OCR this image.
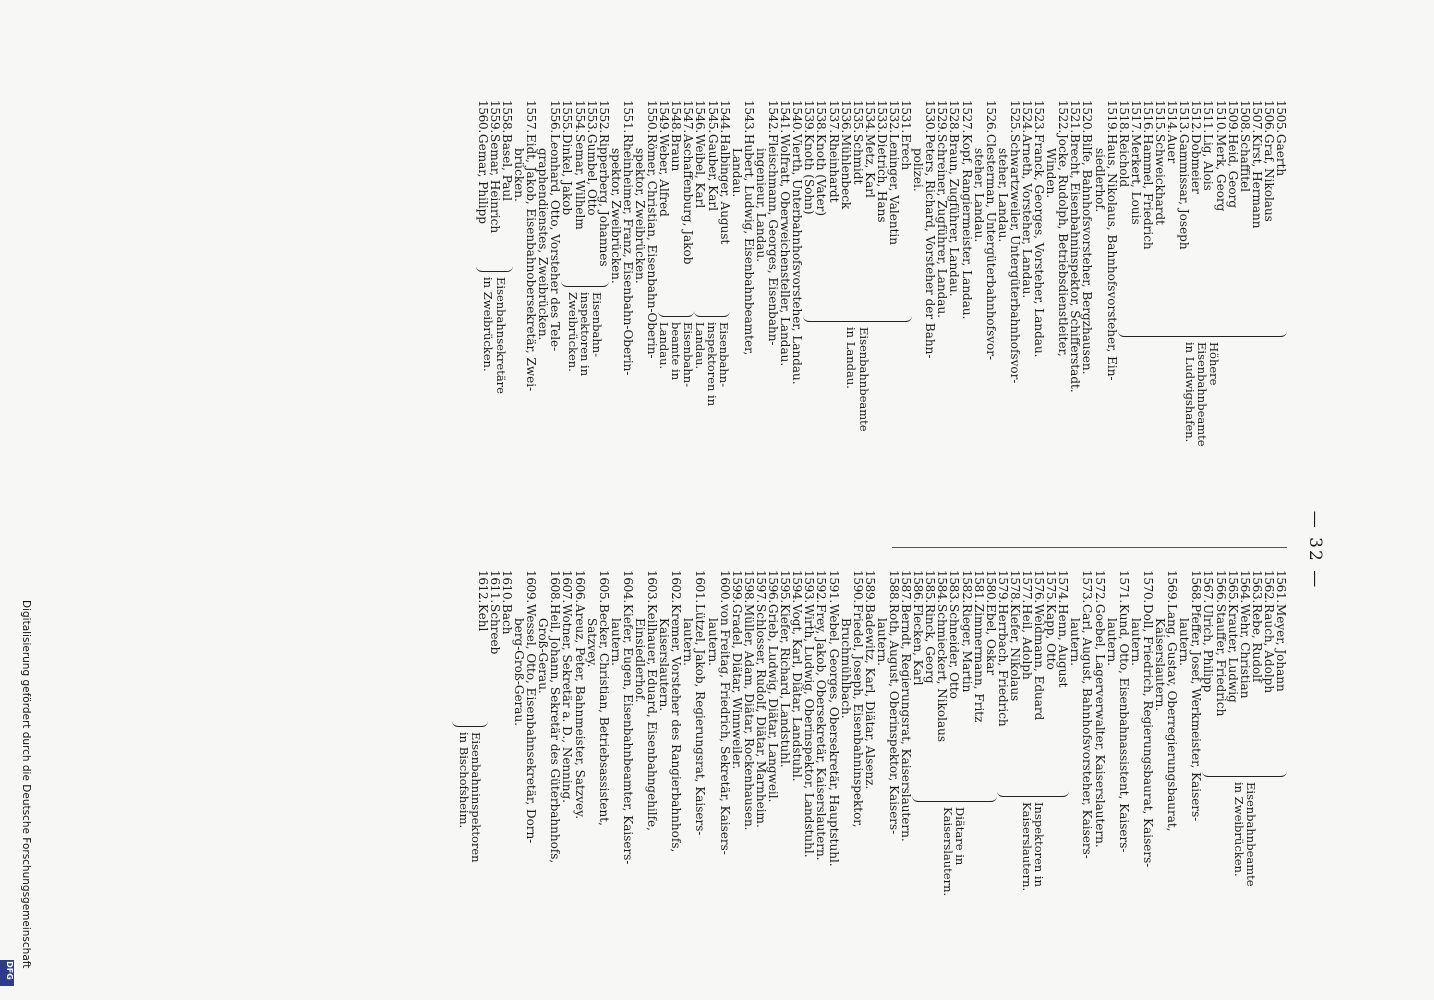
— 32 —
1505.
Gaerth
1506.
Graf, Nikolaus
1507.
Kirst, Hermann
1508.
Schaffitel
1509.
Heid, Georg
1510.
Merk, Georg
1511.
Lig, Alois
1512.
Dobmeier
1513.
Gammissar, Joseph
1514.
Auer
1515.
Schweickhardt
1516.
Hammel, Friedrich
1517.
Merkert, Louis
1518.
Reichold
1519.
Haus, Nikolaus, Bahnhofsvorsteher, Ein-
siedlerhof.
1520.
Bilfe, Bahnhofsvorsteher, Bergzhausen.
1521.
Brecht, Eisenbahninspektor, Schifferstadt.
1522.
Jocke, Rudolph, Betriebsdienstleiter,
Winden.
1523.
Franck, Georges, Vorsteher, Landau.
1524.
Arneth, Vorsteher, Landau.
1525.
Schwartzweiler, Untergüterbahnhofsvor-
steher, Landau.
1526.
Clesterman, Untergüterbahnhofsvor-
steher, Landau.
1527.
Kopf, Rangiermeister, Landau.
1528.
Braun, Zugführer, Landau.
1529.
Schreiner, Zugführer, Landau.
1530.
Peters, Richard, Vorsteher der Bahn-
polizei.
1531.
Erech
1532.
Leninger, Valentin
1533.
Dietrich, Hans
1534.
Metz, Karl
1535.
Schmidt
1536.
Mühlenbeck
1537.
Rheinhardt
1538.
Knoth (Vater)
1539.
Knoth (Sohn)
1540.
Vierth, Unterbahnhofsvorsteher, Landau.
1541.
Wolfratt, Oberweichensteller, Landau.
1542.
Fleischmann, Georges, Eisenbahn-
ingenieur, Landau.
1543.
Hubert, Ludwig, Eisenbahnbeamter,
Landau.
1544.
Halbinger, August
1545.
Gauber, Karl
1546.
Weibel, Karl
1547.
Aschaffenburg, Jakob
1548.
Braun
1549.
Weber, Alfred
1550.
Römer, Christian, Eisenbahn-Oberin-
spektor, Zweibrücken.
1551.
Rheinheimer, Franz, Eisenbahn-Oberin-
spektor, Zweibrücken.
1552.
Ripperberg, Johannes
1553.
Gumbel, Otto
1554.
Semar, Wilhelm
1555.
Dinkel, Jakob
1556.
Leonhard, Otto, Vorsteher des Tele-
graphendienstes, Zweibrücken.
1557.
Eidt, Jakob, Eisenbahnobersekretär, Zwei-
brücken.
1558.
Basel, Paul
1559.
Semar, Heinrich
1560.
Gemar, Philipp
Höhere
Eisenbahnbeamte
in Ludwigshafen.
Eisenbahnbeamte
in Landau.
Eisenbahn-
inspektoren in
Landau.
Eisenbahn-
beamte in
Landau.
Eisenbahn-
inspektoren in
Zweibrücken.
Eisenbahnsekretäre
in Zweibrücken.
1561.
Meyer, Johann
1562.
Rauch, Adolph
1563.
Rebe, Rudolf
1564.
Wehr, Christian
1565.
Krauter, Ludwig
1566.
Stauffer, Friedrich
1567.
Ulrich, Philipp
1568.
Pfeffer, Josef, Werkmeister, Kaisers-
lautern.
1569.
Lang, Gustav, Oberregierungsbaurat,
Kaiserslautern.
1570.
Doll, Friedrich, Regierungsbaurat, Kaisers-
lautern.
1571.
Kund, Otto, Eisenbahnassistent, Kaisers-
lautern.
1572.
Goebel, Lagerverwalter, Kaiserslautern.
1573.
Carl, August, Bahnhofsvorsteher, Kaisers-
lautern.
1574.
Henn, August
1575.
Kapp, Otto
1576.
Weidmann, Eduard
1577.
Heil, Adolph
1578.
Kiefer, Nikolaus
1579.
Herrbach, Friedrich
1580.
Ebel, Oskar
1581.
Zimmermann, Fritz
1582.
Rieger, Martin
1583.
Schneider, Otto
1584.
Schmieckert, Nikolaus
1585.
Rinck, Georg
1586.
Flecken, Karl
1587.
Berndt, Regierungsrat, Kaiserslautern.
1588.
Roth, August, Oberinspektor, Kaisers-
lautern.
1589.
Badewitz, Karl, Diätar, Alsenz.
1590.
Friedel, Joseph, Eisenbahninspektor,
Bruchmühlbach.
1591.
Webel, Georges, Obersekretär, Hauptstuhl.
1592.
Frey, Jakob, Obersekretär, Kaiserslautern.
1593.
Wirth, Ludwig, Oberinspektor, Landstuhl.
1594.
Vogt, Karl, Diätar, Landstuhl.
1595.
Kiefer, Richard, Landstuhl.
1596.
Grieb, Ludwig, Diätar, Langweil.
1597.
Schlosser, Rudolf, Diätar, Marnheim.
1598.
Müller, Adam, Diätar, Rockenhausen.
1599.
Gradel, Diätar, Winnweiler.
1600.
von Freitag, Friedrich, Sekretär, Kaisers-
lautern.
1601.
Lützel, Jakob, Regierungsrat, Kaisers-
lautern.
1602.
Kremer, Vorsteher des Rangierbahnhofs,
Kaiserslautern.
1603.
Keilhauer, Eduard, Eisenbahngehilfe,
Einsiedlerhof.
1604.
Kiefer, Eugen, Eisenbahnbeamter, Kaisers-
lautern.
1605.
Becker, Christian, Betriebsassistent,
Satzvey.
1606.
Areuz, Peter, Bahnmeister, Satzvey.
1607.
Wotner, Sekretär a. D., Nenning.
1608.
Heil, Johann, Sekretär des Güterbahnhofs,
Groß-Gerau.
1609.
Wessel, Otto, Eisenbahnsekretär, Dorn-
berg-Groß-Gerau.
1610.
Bach
1611.
Schreeb
1612.
Kehl
Eisenbahnbeamte
in Zweibrücken.
Inspektoren in
Kaiserslautern.
Diätare in
Kaiserslautern.
Eisenbahninspektoren
in Bischofsheim.
Digitalisierung gefördert durch die Deutsche Forschungsgemeinschaft
DFG
